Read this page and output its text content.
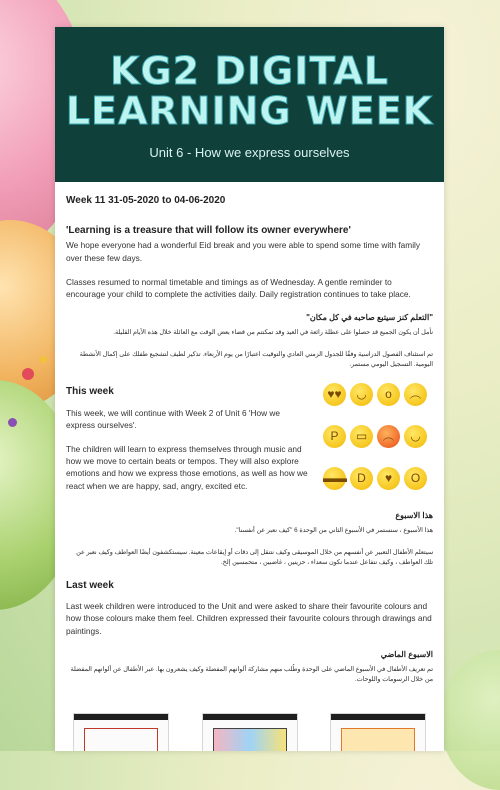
KG2 DIGITAL LEARNING WEEK
Unit 6 - How we express ourselves
Week 11 31-05-2020 to 04-06-2020
'Learning is a treasure that will follow its owner everywhere'

We hope everyone had a wonderful Eid break and you were able to spend some time with family over these few days.

Classes resumed to normal timetable and timings as of Wednesday. A gentle reminder to encourage your child to complete the activities daily. Daily registration continues to take place.

"التعلم كنز سيتبع صاحبه في كل مكان"

نأمل أن يكون الجميع قد حصلوا على عطلة رائعة في العيد وقد تمكنتم من قضاء بعض الوقت مع العائلة خلال هذه الأيام القليلة.

تم استئناف الفصول الدراسية وفقًا للجدول الزمني العادي والتوقيت اعتبارًا من يوم الأربعاء. تذكير لطيف لتشجيع طفلك على إكمال الأنشطة اليومية. التسجيل اليومي مستمر.

This week

This week, we will continue with Week 2 of Unit 6 'How we express ourselves'.

The children will learn to express themselves through music and how we move to certain beats or tempos. They will also explore emotions and how we express those emotions, as well as how we react when we are happy, sad, angry, excited etc.

♥♥	◡	o	︵
P	▭	︵	◡
▬▬ D	♥	O
هذا الاسبوع

هذا الأسبوع ، سنستمر في الأسبوع الثاني من الوحدة 6 "كيف نعبر عن أنفسنا".

سيتعلم الأطفال التعبير عن أنفسهم من خلال الموسيقى وكيف نتنقل إلى دقات أو إيقاعات معينة. سيستكشفون أيضًا العواطف وكيف نعبر عن تلك العواطف ، وكيف نتفاعل عندما نكون سعداء ، حزينين ، غاضبين ، متحمسين إلخ.

Last week

Last week children were introduced to the Unit and were asked to share their favourite colours and how those colours make them feel. Children expressed their favourite colours through drawings and paintings.

الاسبوع الماضي

تم تعريف الأطفال في الأسبوع الماضي على الوحدة وطُلب منهم مشاركة ألوانهم المفضلة وكيف يشعرون بها. عبر الأطفال عن ألوانهم المفضلة من خلال الرسومات واللوحات.
